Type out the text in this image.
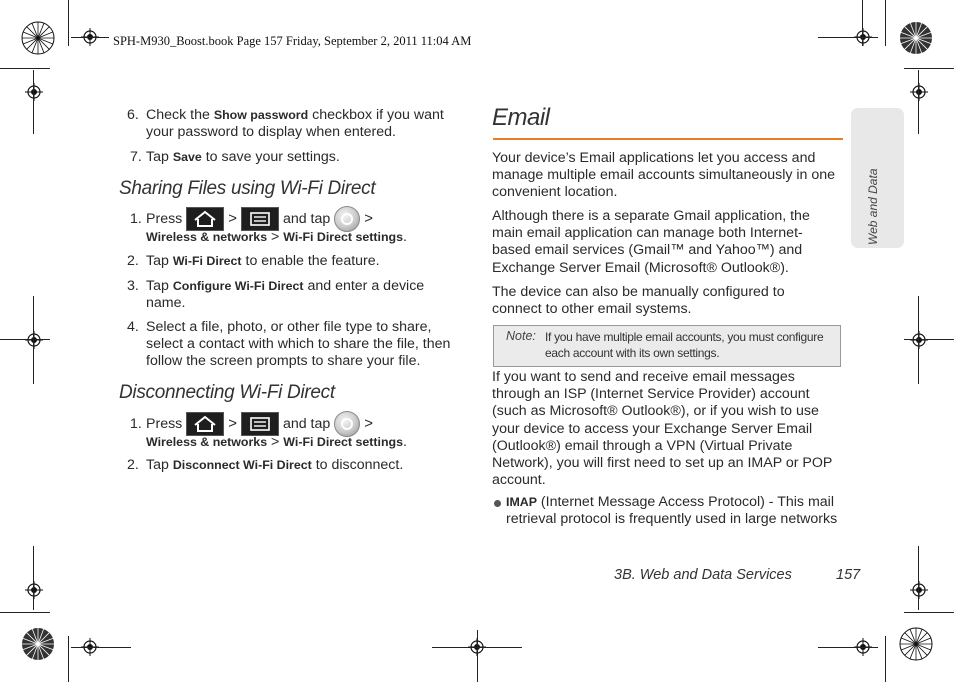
SPH-M930_Boost.book Page 157 Friday, September 2, 2011 11:04 AM
Web and Data
6. Check the Show password checkbox if you want your password to display when entered.
7. Tap Save to save your settings.
Sharing Files using Wi-Fi Direct
1. Press	>	and tap >
Wireless & networks > Wi-Fi Direct settings.
2. Tap Wi-Fi Direct to enable the feature.
3. Tap Configure Wi-Fi Direct and enter a device name.
4. Select a file, photo, or other file type to share, select a contact with which to share the file, then follow the screen prompts to share your file.
Disconnecting Wi-Fi Direct
1. Press	>	and tap >
Wireless & networks > Wi-Fi Direct settings.
2. Tap Disconnect Wi-Fi Direct to disconnect.
Email
Your device’s Email applications let you access and manage multiple email accounts simultaneously in one convenient location.
Although there is a separate Gmail application, the main email application can manage both Internet-based email services (Gmail™ and Yahoo™) and Exchange Server Email (Microsoft® Outlook®).
The device can also be manually configured to connect to other email systems.
Note: If you have multiple email accounts, you must configure each account with its own settings.
If you want to send and receive email messages through an ISP (Internet Service Provider) account (such as Microsoft® Outlook®), or if you wish to use your device to access your Exchange Server Email (Outlook®) email through a VPN (Virtual Private Network), you will first need to set up an IMAP or POP account.
IMAP (Internet Message Access Protocol) - This mail retrieval protocol is frequently used in large networks
3B. Web and Data Services	157
